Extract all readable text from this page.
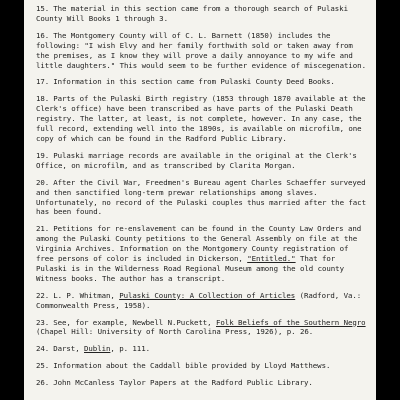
15. The material in this section came from a thorough search of Pulaski County Will Books 1 through 3.

16. The Montgomery County will of C. L. Barnett (1850) includes the following: "I wish Elvy and her family forthwith sold or taken away from the premises, as I know they will prove a daily annoyance to my wife and little daughters." This would seem to be further evidence of miscegenation.

17. Information in this section came from Pulaski County Deed Books.

18. Parts of the Pulaski Birth registry (1853 through 1870 available at the Clerk's office) have been transcribed as have parts of the Pulaski Death registry. The latter, at least, is not complete, however. In any case, the full record, extending well into the 1890s, is available on microfilm, one copy of which can be found in the Radford Public Library.

19. Pulaski marriage records are available in the original at the Clerk's Office, on microfilm, and as transcribed by Clarita Morgan.

20. After the Civil War, Freedmen's Bureau agent Charles Schaeffer surveyed and then sanctified long-term prewar relationships among slaves. Unfortunately, no record of the Pulaski couples thus married after the fact has been found.

21. Petitions for re-enslavement can be found in the County Law Orders and among the Pulaski County petitions to the General Assembly on file at the Virginia Archives. Information on the Montgomery County registration of free persons of color is included in Dickerson, "Entitled." That for Pulaski is in the Wilderness Road Regional Museum among the old county Witness books. The author has a transcript.

22. L. P. Whitman, Pulaski County: A Collection of Articles (Radford, Va.: Commonwealth Press, 1958).

23. See, for example, Newbell N.Puckett, Folk Beliefs of the Southern Negro (Chapel Hill: University of North Carolina Press, 1926), p. 26.

24. Darst, Dublin, p. 111.

25. Information about the Caddall bible provided by Lloyd Matthews.

26. John McCanless Taylor Papers at the Radford Public Library.
